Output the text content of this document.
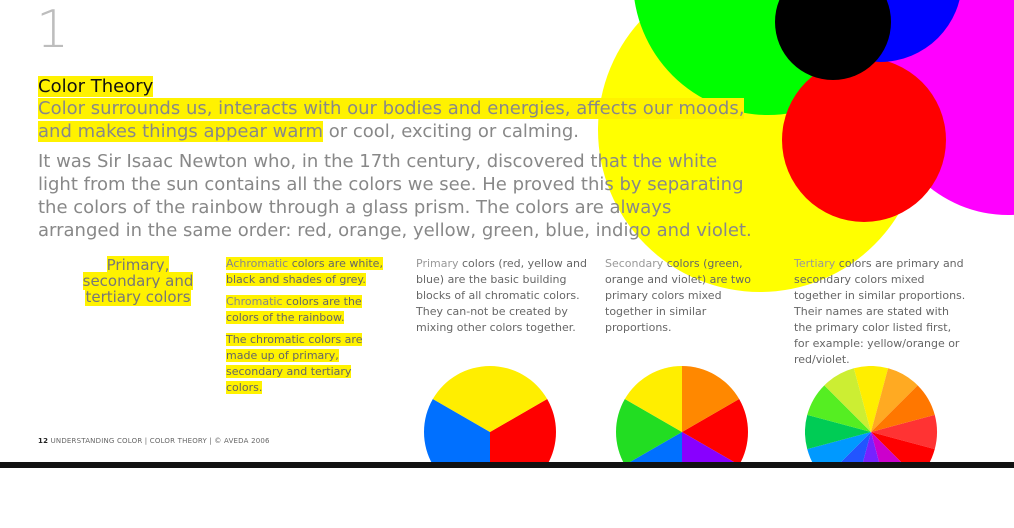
1
Color Theory

Color surrounds us, interacts with our bodies and energies, affects our moods, and makes things appear warm or cool, exciting or calming.

It was Sir Isaac Newton who, in the 17th century, discovered that the white light from the sun contains all the colors we see. He proved this by separating the colors of the rainbow through a glass prism. The colors are always arranged in the same order: red, orange, yellow, green, blue, indigo and violet.

Primary, secondary and tertiary colors

Achromatic colors are white, black and shades of grey.

Chromatic colors are the colors of the rainbow.

The chromatic colors are made up of primary, secondary and tertiary colors.

Primary colors (red, yellow and blue) are the basic building blocks of all chromatic colors. They can-not be created by mixing other colors together.

Secondary colors (green, orange and violet) are two primary colors mixed together in similar proportions.

Tertiary colors are primary and secondary colors mixed together in similar proportions. Their names are stated with the primary color listed first, for example: yellow/orange or red/violet.

12 UNDERSTANDING COLOR | COLOR THEORY | © AVEDA 2006
